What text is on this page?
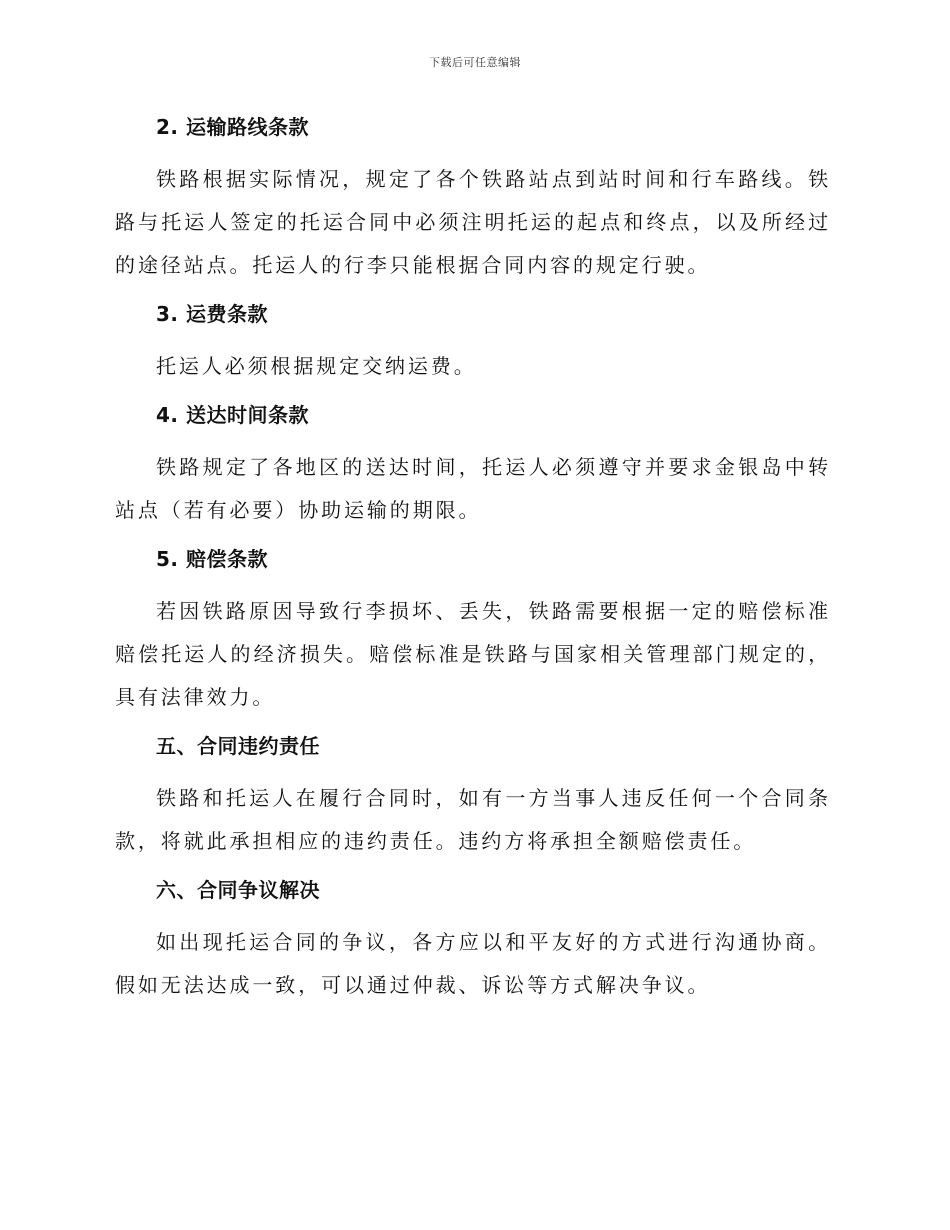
下载后可任意编辑
2. 运输路线条款

铁路根据实际情况，规定了各个铁路站点到站时间和行车路线。铁路与托运人签定的托运合同中必须注明托运的起点和终点，以及所经过的途径站点。托运人的行李只能根据合同内容的规定行驶。

3. 运费条款

托运人必须根据规定交纳运费。

4. 送达时间条款

铁路规定了各地区的送达时间，托运人必须遵守并要求金银岛中转站点（若有必要）协助运输的期限。

5. 赔偿条款

若因铁路原因导致行李损坏、丢失，铁路需要根据一定的赔偿标准赔偿托运人的经济损失。赔偿标准是铁路与国家相关管理部门规定的，具有法律效力。

五、合同违约责任

铁路和托运人在履行合同时，如有一方当事人违反任何一个合同条款，将就此承担相应的违约责任。违约方将承担全额赔偿责任。

六、合同争议解决

如出现托运合同的争议，各方应以和平友好的方式进行沟通协商。假如无法达成一致，可以通过仲裁、诉讼等方式解决争议。
